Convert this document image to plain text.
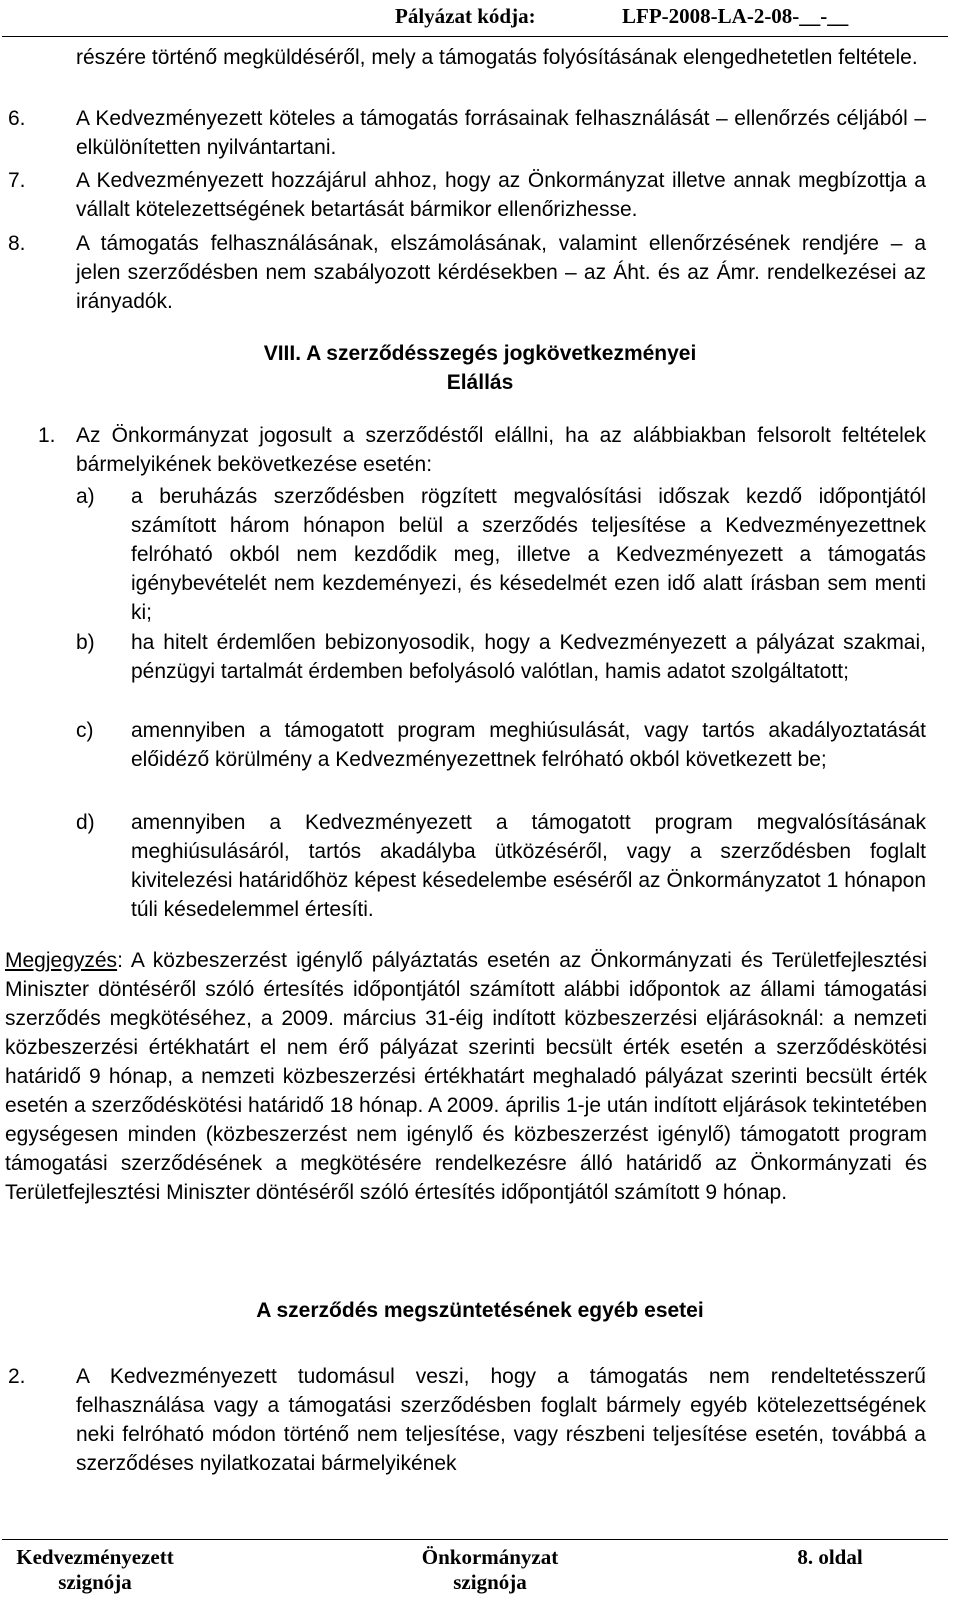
Pályázat kódja:	LFP-2008-LA-2-08-__-__
részére történő megküldéséről, mely a támogatás folyósításának elengedhetetlen feltétele.
6. A Kedvezményezett köteles a támogatás forrásainak felhasználását – ellenőrzés céljából – elkülönítetten nyilvántartani.
7. A Kedvezményezett hozzájárul ahhoz, hogy az Önkormányzat illetve annak megbízottja a vállalt kötelezettségének betartását bármikor ellenőrizhesse.
8. A támogatás felhasználásának, elszámolásának, valamint ellenőrzésének rendjére – a jelen szerződésben nem szabályozott kérdésekben – az Áht. és az Ámr. rendelkezései az irányadók.
VIII. A szerződésszegés jogkövetkezményei
Elállás
1. Az Önkormányzat jogosult a szerződéstől elállni, ha az alábbiakban felsorolt feltételek bármelyikének bekövetkezése esetén:
a) a beruházás szerződésben rögzített megvalósítási időszak kezdő időpontjától számított három hónapon belül a szerződés teljesítése a Kedvezményezettnek felróható okból nem kezdődik meg, illetve a Kedvezményezett a támogatás igénybevételét nem kezdeményezi, és késedelmét ezen idő alatt írásban sem menti ki;
b) ha hitelt érdemlően bebizonyosodik, hogy a Kedvezményezett a pályázat szakmai, pénzügyi tartalmát érdemben befolyásoló valótlan, hamis adatot szolgáltatott;
c) amennyiben a támogatott program meghiúsulását, vagy tartós akadályoztatását előidéző körülmény a Kedvezményezettnek felróható okból következett be;
d) amennyiben a Kedvezményezett a támogatott program megvalósításának meghiúsulásáról, tartós akadályba ütközéséről, vagy a szerződésben foglalt kivitelezési határidőhöz képest késedelembe eséséről az Önkormányzatot 1 hónapon túli késedelemmel értesíti.
Megjegyzés: A közbeszerzést igénylő pályáztatás esetén az Önkormányzati és Területfejlesztési Miniszter döntéséről szóló értesítés időpontjától számított alábbi időpontok az állami támogatási szerződés megkötéséhez, a 2009. március 31-éig indított közbeszerzési eljárásoknál: a nemzeti közbeszerzési értékhatárt el nem érő pályázat szerinti becsült érték esetén a szerződéskötési határidő 9 hónap, a nemzeti közbeszerzési értékhatárt meghaladó pályázat szerinti becsült érték esetén a szerződéskötési határidő 18 hónap. A 2009. április 1-je után indított eljárások tekintetében egységesen minden (közbeszerzést nem igénylő és közbeszerzést igénylő) támogatott program támogatási szerződésének a megkötésére rendelkezésre álló határidő az Önkormányzati és Területfejlesztési Miniszter döntéséről szóló értesítés időpontjától számított 9 hónap.
A szerződés megszüntetésének egyéb esetei
2. A Kedvezményezett tudomásul veszi, hogy a támogatás nem rendeltetésszerű felhasználása vagy a támogatási szerződésben foglalt bármely egyéb kötelezettségének neki felróható módon történő nem teljesítése, vagy részbeni teljesítése esetén, továbbá a szerződéses nyilatkozatai bármelyikének
Kedvezményezett
szignója
Önkormányzat
szignója
8. oldal
